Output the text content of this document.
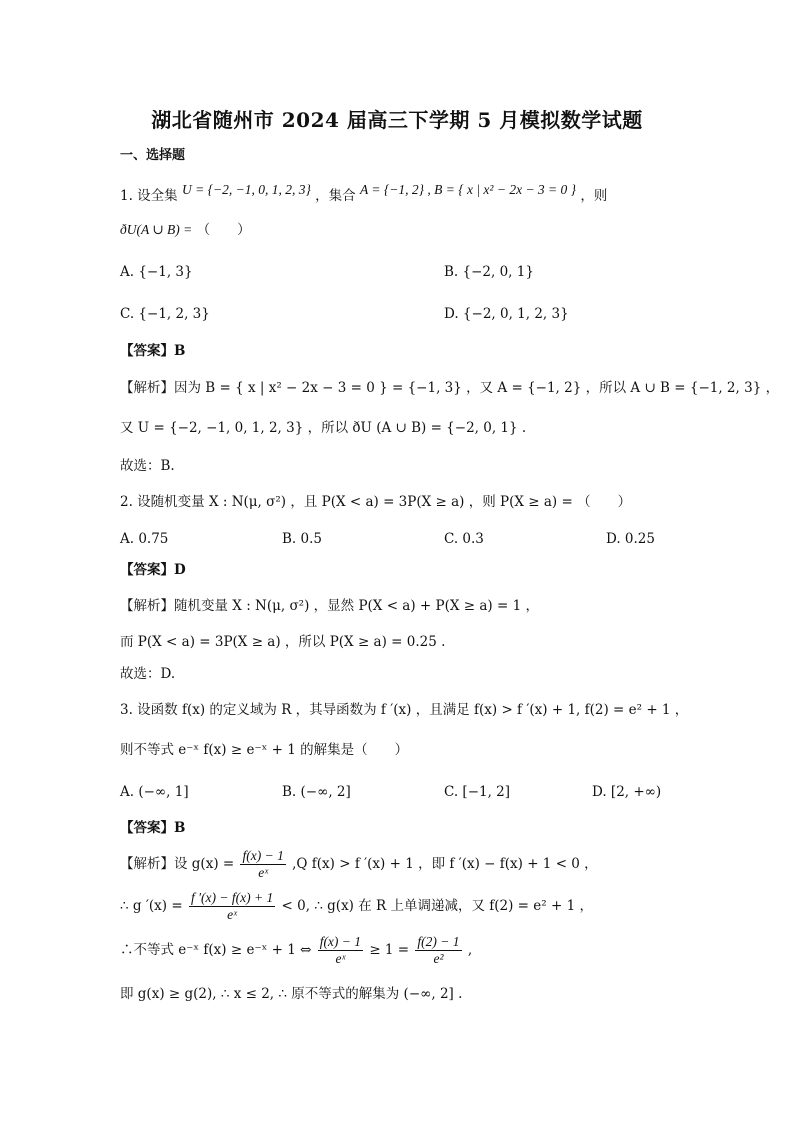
湖北省随州市 2024 届高三下学期 5 月模拟数学试题
一、选择题
1. 设全集 U = {−2, −1, 0, 1, 2, 3} ，集合 A = {−1, 2} , B = { x | x² − 2x − 3 = 0 } ，则
ðU(A ∪ B) = （　　）
A. {−1, 3}	B. {−2, 0, 1}
C. {−1, 2, 3}	D. {−2, 0, 1, 2, 3}
【答案】B
【解析】因为 B = { x | x² − 2x − 3 = 0 } = {−1, 3} ，又 A = {−1, 2} ，所以 A ∪ B = {−1, 2, 3} ，
又 U = {−2, −1, 0, 1, 2, 3} ，所以 ðU (A ∪ B) = {−2, 0, 1} .
故选：B.
2. 设随机变量 X : N(μ, σ²) ，且 P(X < a) = 3P(X ≥ a) ，则 P(X ≥ a) = （　　）
A. 0.75	B. 0.5	C. 0.3	D. 0.25
【答案】D
【解析】随机变量 X : N(μ, σ²) ，显然 P(X < a) + P(X ≥ a) = 1 ，
而 P(X < a) = 3P(X ≥ a) ，所以 P(X ≥ a) = 0.25 .
故选：D.
3. 设函数 f(x) 的定义域为 R ，其导函数为 f ′(x) ，且满足 f(x) > f ′(x) + 1, f(2) = e² + 1 ，
则不等式 e⁻ˣ f(x) ≥ e⁻ˣ + 1 的解集是（　　）
A. (−∞, 1]	B. (−∞, 2]	C. [−1, 2]	D. [2, +∞)
【答案】B
【解析】设 $g(x) = \frac{f(x) - 1}{\text{eˣ}} ,Q$ f(x) > f ′(x) + 1 ，即 f ′(x) − f(x) + 1 < 0 ，
∴ g $'(x) = \frac{f '(x) - f(x) + 1}{\text{eˣ}} < 0$, ∴ g(x) 在 R 上单调递减，又 f(2) = e² + 1 ，
∴不等式 e⁻ˣ f(x) ≥ e⁻ˣ + 1 ⇔ $\frac{f(x) - 1}{\text{eˣ}} \ge 1 = \frac{f(2) - 1}{\text{e²}}$ ,
即 g(x) ≥ g(2), ∴ x ≤ 2, ∴ 原不等式的解集为 (−∞, 2] .
